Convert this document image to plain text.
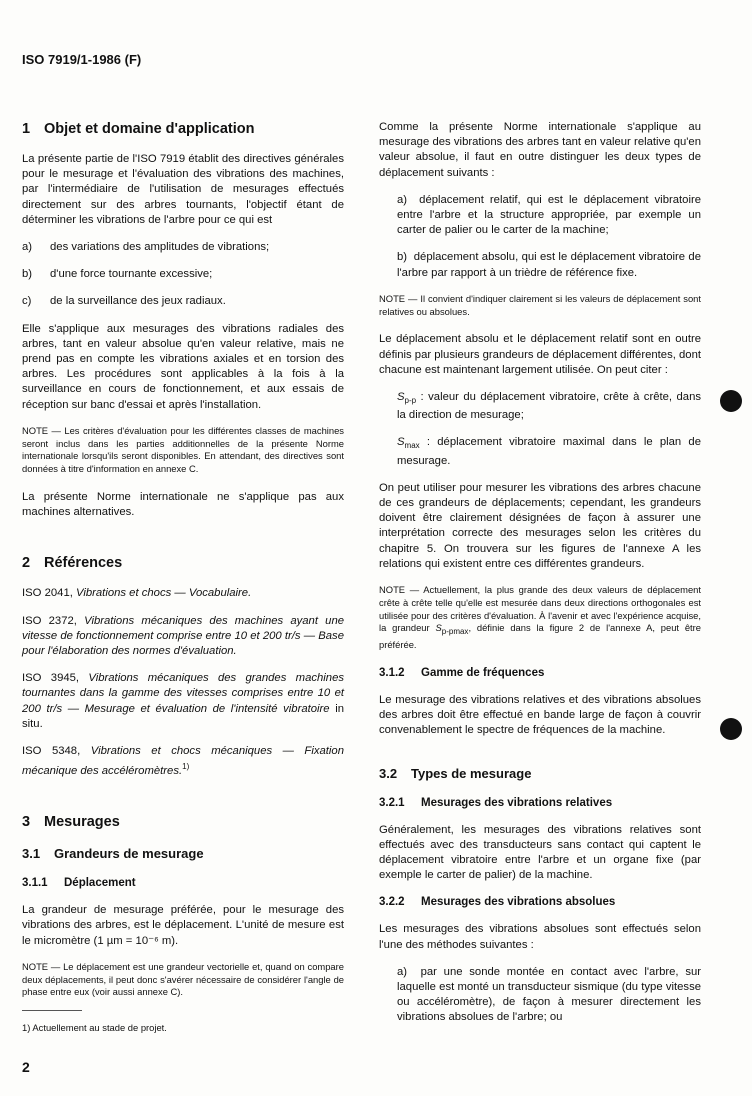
ISO 7919/1-1986 (F)
1 Objet et domaine d'application

La présente partie de l'ISO 7919 établit des directives générales pour le mesurage et l'évaluation des vibrations des machines, par l'intermédiaire de l'utilisation de mesurages effectués directement sur des arbres tournants, l'objectif étant de déterminer les vibrations de l'arbre pour ce qui est

a)	des variations des amplitudes de vibrations;
b)	d'une force tournante excessive;
c)	de la surveillance des jeux radiaux.

Elle s'applique aux mesurages des vibrations radiales des arbres, tant en valeur absolue qu'en valeur relative, mais ne prend pas en compte les vibrations axiales et en torsion des arbres. Les procédures sont applicables à la fois à la surveillance en cours de fonctionnement, et aux essais de réception sur banc d'essai et après l'installation.

NOTE — Les critères d'évaluation pour les différentes classes de machines seront inclus dans les parties additionnelles de la présente Norme internationale lorsqu'ils seront disponibles. En attendant, des directives sont données à titre d'information en annexe C.

La présente Norme internationale ne s'applique pas aux machines alternatives.

2 Références

ISO 2041, Vibrations et chocs — Vocabulaire.

ISO 2372, Vibrations mécaniques des machines ayant une vitesse de fonctionnement comprise entre 10 et 200 tr/s — Base pour l'élaboration des normes d'évaluation.

ISO 3945, Vibrations mécaniques des grandes machines tournantes dans la gamme des vitesses comprises entre 10 et 200 tr/s — Mesurage et évaluation de l'intensité vibratoire in situ.

ISO 5348, Vibrations et chocs mécaniques — Fixation mécanique des accéléromètres.$^{1)}$

3 Mesurages
3.1 Grandeurs de mesurage
3.1.1 Déplacement

La grandeur de mesurage préférée, pour le mesurage des vibrations des arbres, est le déplacement. L'unité de mesure est le micromètre (1 µm = 10⁻⁶ m).

NOTE — Le déplacement est une grandeur vectorielle et, quand on compare deux déplacements, il peut donc s'avérer nécessaire de considérer l'angle de phase entre eux (voir aussi annexe C).

Comme la présente Norme internationale s'applique au mesurage des vibrations des arbres tant en valeur relative qu'en valeur absolue, il faut en outre distinguer les deux types de déplacement suivants :

a) déplacement relatif, qui est le déplacement vibratoire entre l'arbre et la structure appropriée, par exemple un carter de palier ou le carter de la machine;
b) déplacement absolu, qui est le déplacement vibratoire de l'arbre par rapport à un trièdre de référence fixe.
NOTE — Il convient d'indiquer clairement si les valeurs de déplacement sont relatives ou absolues.

Le déplacement absolu et le déplacement relatif sont en outre définis par plusieurs grandeurs de déplacement différentes, dont chacune est maintenant largement utilisée. On peut citer :

$S_{p-p}$ : valeur du déplacement vibratoire, crête à crête, dans la direction de mesurage;
$S_{max}$ : déplacement vibratoire maximal dans le plan de mesurage.

On peut utiliser pour mesurer les vibrations des arbres chacune de ces grandeurs de déplacements; cependant, les grandeurs doivent être clairement désignées de façon à assurer une interprétation correcte des mesurages selon les critères du chapitre 5. On trouvera sur les figures de l'annexe A les relations qui existent entre ces différentes grandeurs.

NOTE — Actuellement, la plus grande des deux valeurs de déplacement crête à crête telle qu'elle est mesurée dans deux directions orthogonales est utilisée pour des critères d'évaluation. À l'avenir et avec l'expérience acquise, la grandeur Sp-pmax, définie dans la figure 2 de l'annexe A, peut être préférée.
3.1.2 Gamme de fréquences

Le mesurage des vibrations relatives et des vibrations absolues des arbres doit être effectué en bande large de façon à couvrir convenablement le spectre de fréquences de la machine.

3.2 Types de mesurage
3.2.1 Mesurages des vibrations relatives

Généralement, les mesurages des vibrations relatives sont effectués avec des transducteurs sans contact qui captent le déplacement vibratoire entre l'arbre et un organe fixe (par exemple le carter de palier) de la machine.

3.2.2 Mesurages des vibrations absolues

Les mesurages des vibrations absolues sont effectués selon l'une des méthodes suivantes :

a) par une sonde montée en contact avec l'arbre, sur laquelle est monté un transducteur sismique (du type vitesse ou accéléromètre), de façon à mesurer directement les vibrations absolues de l'arbre; ou
1) Actuellement au stade de projet.
2
